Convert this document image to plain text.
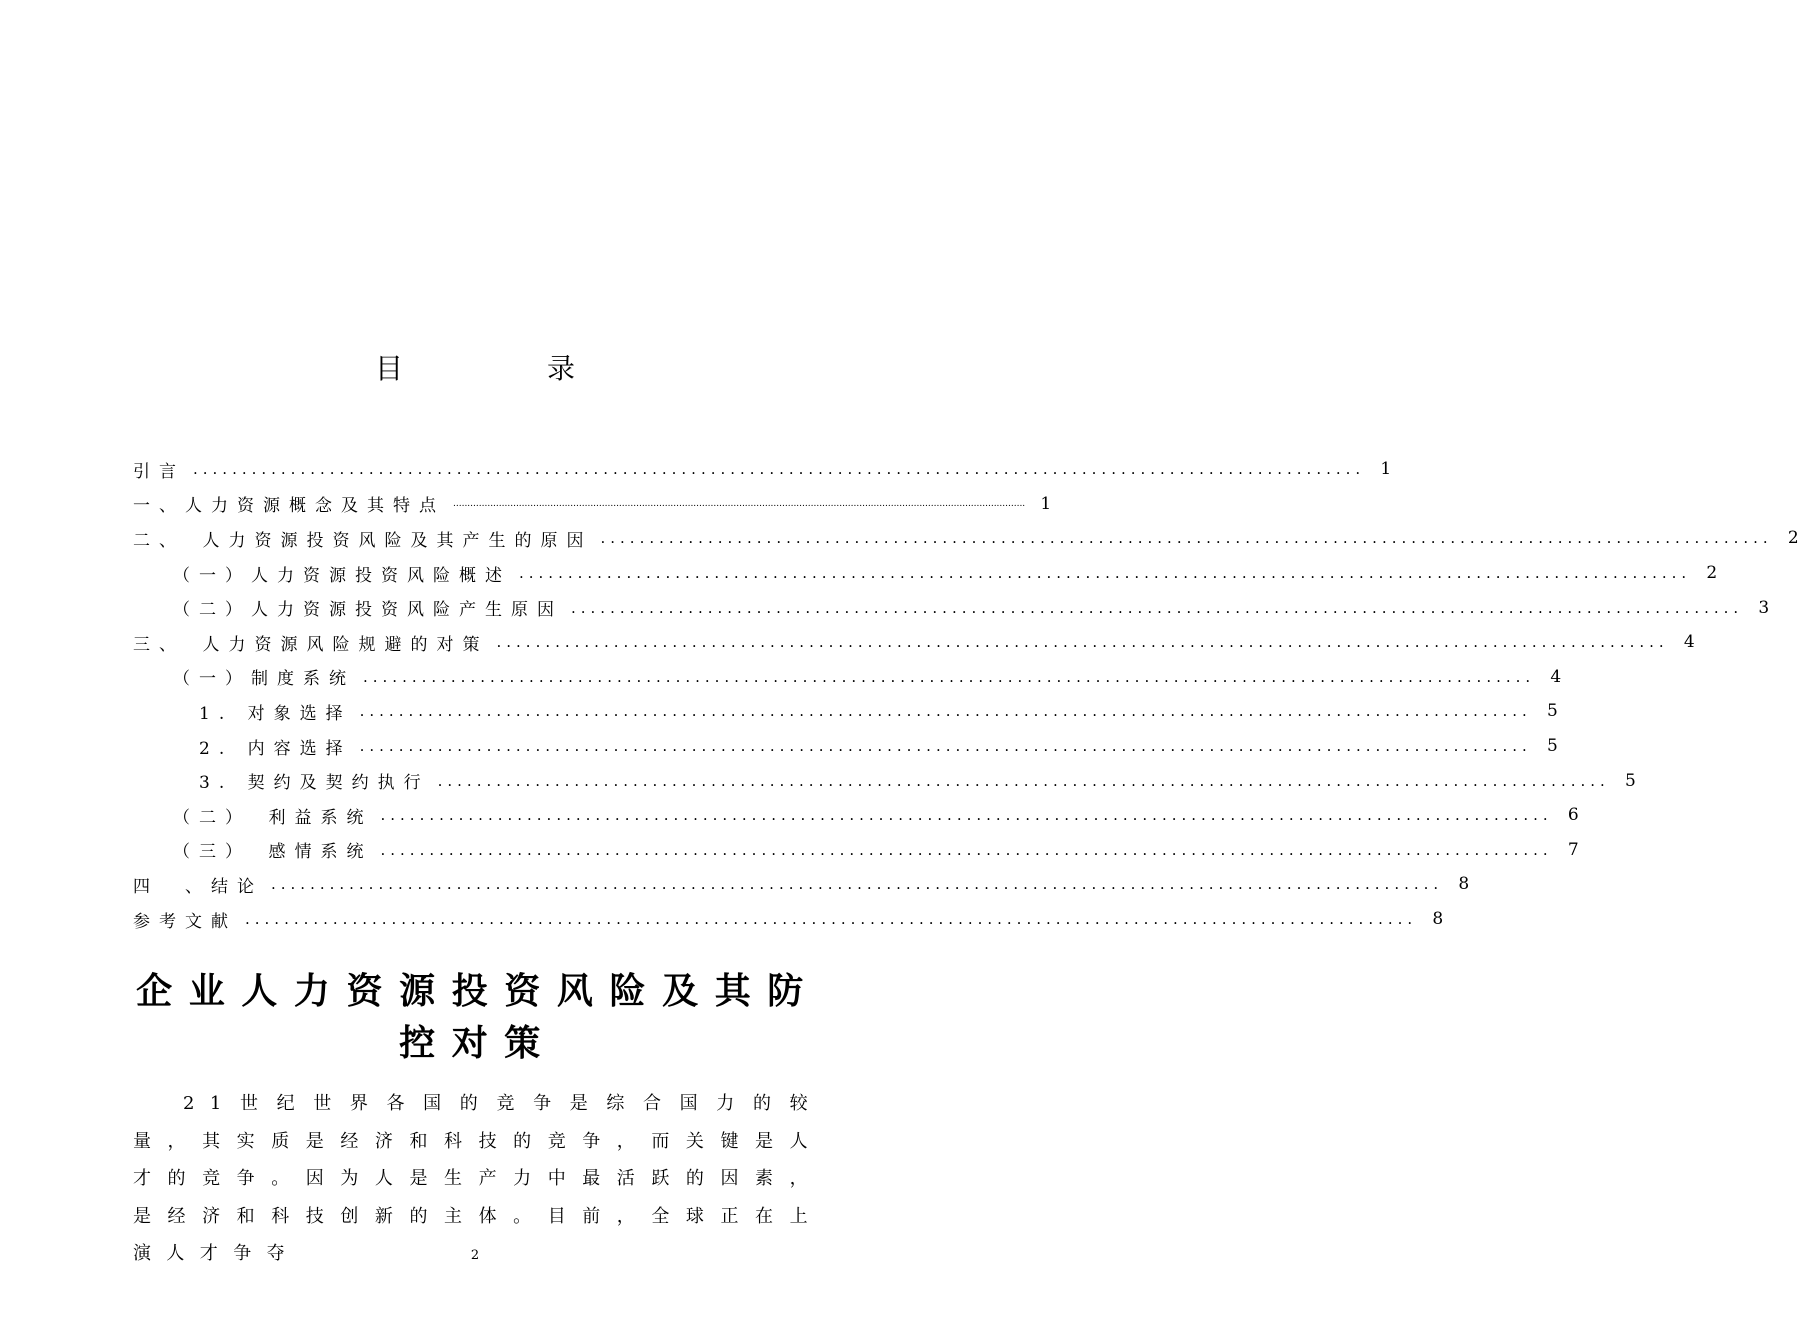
目　录
引言 ........................................................................................................................ 1
一、人力资源概念及其特点 ........................................................................................................................................................................................................ 1
二、　人力资源投资风险及其产生的原因 ........................................................................................................................ 2
（一）人力资源投资风险概述 ........................................................................................................................ 2
（二）人力资源投资风险产生原因 ........................................................................................................................ 3
三、　人力资源风险规避的对策 ........................................................................................................................ 4
（一）制度系统 ........................................................................................................................ 4
1. 对象选择 ........................................................................................................................ 5
2. 内容选择 ........................................................................................................................ 5
3. 契约及契约执行 ........................................................................................................................ 5
（二）　利益系统 ........................................................................................................................ 6
（三）　感情系统 ........................................................................................................................ 7
四　、结论 ........................................................................................................................ 8
参考文献 ........................................................................................................................ 8
企业人力资源投资风险及其防控对策
21世纪世界各国的竞争是综合国力的较量，其实质是经济和科技的竞争，而关键是人才的竞争。因为人是生产力中最活跃的因素，是经济和科技创新的主体。目前，全球正在上演人才争夺	2
